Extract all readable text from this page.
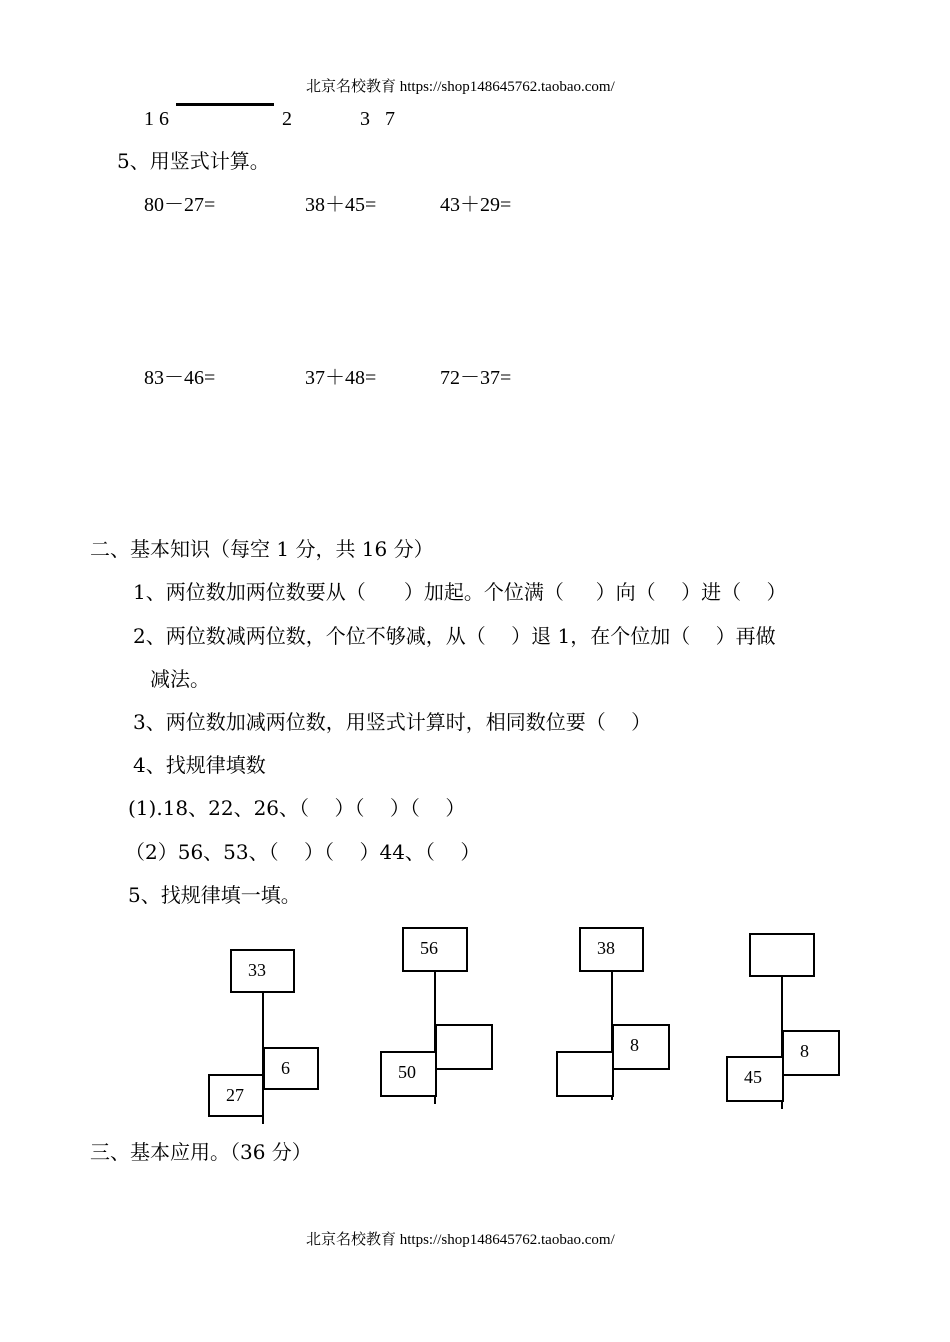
北京名校教育 https://shop148645762.taobao.com/
1 6	2	3   7
5、用竖式计算。
80－27=	38＋45=	43＋29=
83－46=	37＋48=	72－37=
二、基本知识（每空 1 分，共 16 分）
1、两位数加两位数要从（      ）加起。个位满（     ）向（    ）进（    ）
2、两位数减两位数，个位不够减，从（    ）退 1，在个位加（    ）再做
减法。
3、两位数加减两位数，用竖式计算时，相同数位要（    ）
4、找规律填数
(1).18、22、26、（    ）（    ）（    ）
（2）56、53、（    ）（    ）44、（    ）
5、找规律填一填。
33
6
27
56
50
38
8	8
45
三、基本应用。（36 分）
北京名校教育 https://shop148645762.taobao.com/
